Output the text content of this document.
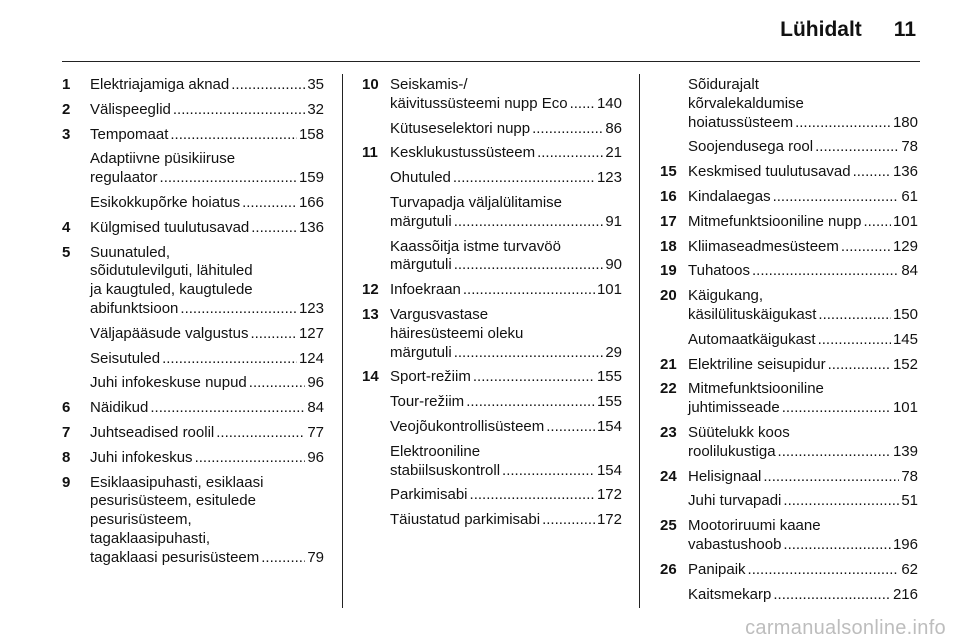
Lühidalt 11
1 Elektriajamiga aknad .....	35
2 Välispeeglid .....	32
3 Tempomaat .....	158
Adaptiivne püsikiiruse
regulaator .....	159
Esikokkupõrke hoiatus .....	166
4 Külgmised tuulutusavad .....	136
5 Suunatuled,
sõidutulevilguti, lähituled
ja kaugtuled, kaugtulede
abifunktsioon .....	123
Väljapääsude valgustus .....	127
Seisutuled .....	124
Juhi infokeskuse nupud .....	96
6 Näidikud .....	84
7 Juhtseadised roolil .....	77
8 Juhi infokeskus .....	96
9 Esiklaasipuhasti, esiklaasi
pesurisüsteem, esitulede
pesurisüsteem,
tagaklaasipuhasti,
tagaklaasi pesurisüsteem .....	79
10 Seiskamis-/
käivitussüsteemi nupp Eco ..... 140
Kütuseselektori nupp .....	86
11 Kesklukustussüsteem .....	21
Ohutuled .....	123
Turvapadja väljalülitamise
märgutuli .....	91
Kaassõitja istme turvavöö
märgutuli .....	90
12 Infoekraan .....	101
13 Vargusvastase
häiresüsteemi oleku
märgutuli .....	29
14 Sport-režiim .....	155
Tour-režiim .....	155
Veojõukontrollisüsteem .....	154
Elektrooniline
stabiilsuskontroll .....	154
Parkimisabi .....	172
Täiustatud parkimisabi .....	172
Sõidurajalt
kõrvalekaldumise
hoiatussüsteem .....	180
Soojendusega rool .....	78
15 Keskmised tuulutusavad .....	136
16 Kindalaegas .....	61
17 Mitmefunktsiooniline nupp ..... 101
18 Kliimaseadmesüsteem .....	129
19 Tuhatoos .....	84
20 Käigukang,
käsilülituskäigukast .....	150
Automaatkäigukast .....	145
21 Elektriline seisupidur .....	152
22 Mitmefunktsiooniline
juhtimisseade .....	101
23 Süütelukk koos
roolilukustiga .....	139
24 Helisignaal .....	78
Juhi turvapadi .....	51
25 Mootoriruumi kaane
vabastushoob .....	196
26 Panipaik .....	62
Kaitsmekarp .....	216
carmanualsonline.info
